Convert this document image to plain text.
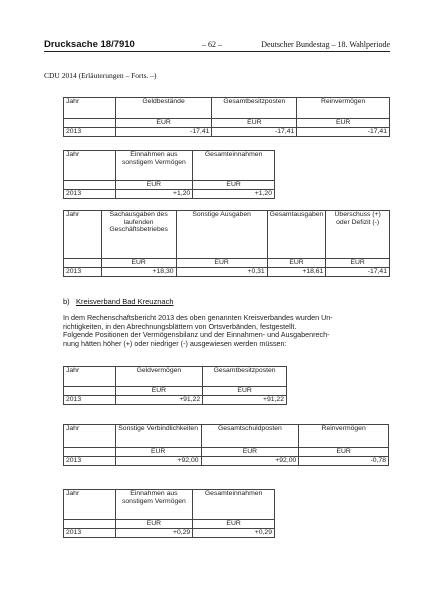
Drucksache 18/7910	– 62 –	Deutscher Bundestag – 18. Wahlperiode
CDU 2014 (Erläuterungen – Forts. –)
Jahr	Geldbestände	Gesamtbesitzposten	Reinvermögen
	EUR	EUR	EUR
2013	-17,41	-17,41	-17,41
Jahr	Einnahmen aus sonstigem Vermögen	Gesamteinnahmen
	EUR	EUR
2013	+1,20	+1,20
Jahr	Sachausgaben des laufenden Geschäftsbetriebes	Sonstige Ausgaben	Gesamtausgaben	Überschuss (+) oder Defizit (-)
	EUR	EUR	EUR	EUR
2013	+18,30	+0,31	+18,61	-17,41
b) Kreisverband Bad Kreuznach
In dem Rechenschaftsbericht 2013 des oben genannten Kreisverbandes wurden Un-
richtigkeiten, in den Abrechnungsblättern von Ortsverbänden, festgestellt.
Folgende Positionen der Vermögensbilanz und der Einnahmen- und Ausgabenrech-
nung hätten höher (+) oder niedriger (-) ausgewiesen werden müssen:
Jahr	Geldvermögen	Gesamtbesitzposten
	EUR	EUR
2013	+91,22	+91,22
Jahr	Sonstige Verbindlichkeiten	Gesamtschuldposten	Reinvermögen
	EUR	EUR	EUR
2013	+92,00	+92,00	-0,78
Jahr	Einnahmen aus sonstigem Vermögen	Gesamteinnahmen
	EUR	EUR
2013	+0,29	+0,29
